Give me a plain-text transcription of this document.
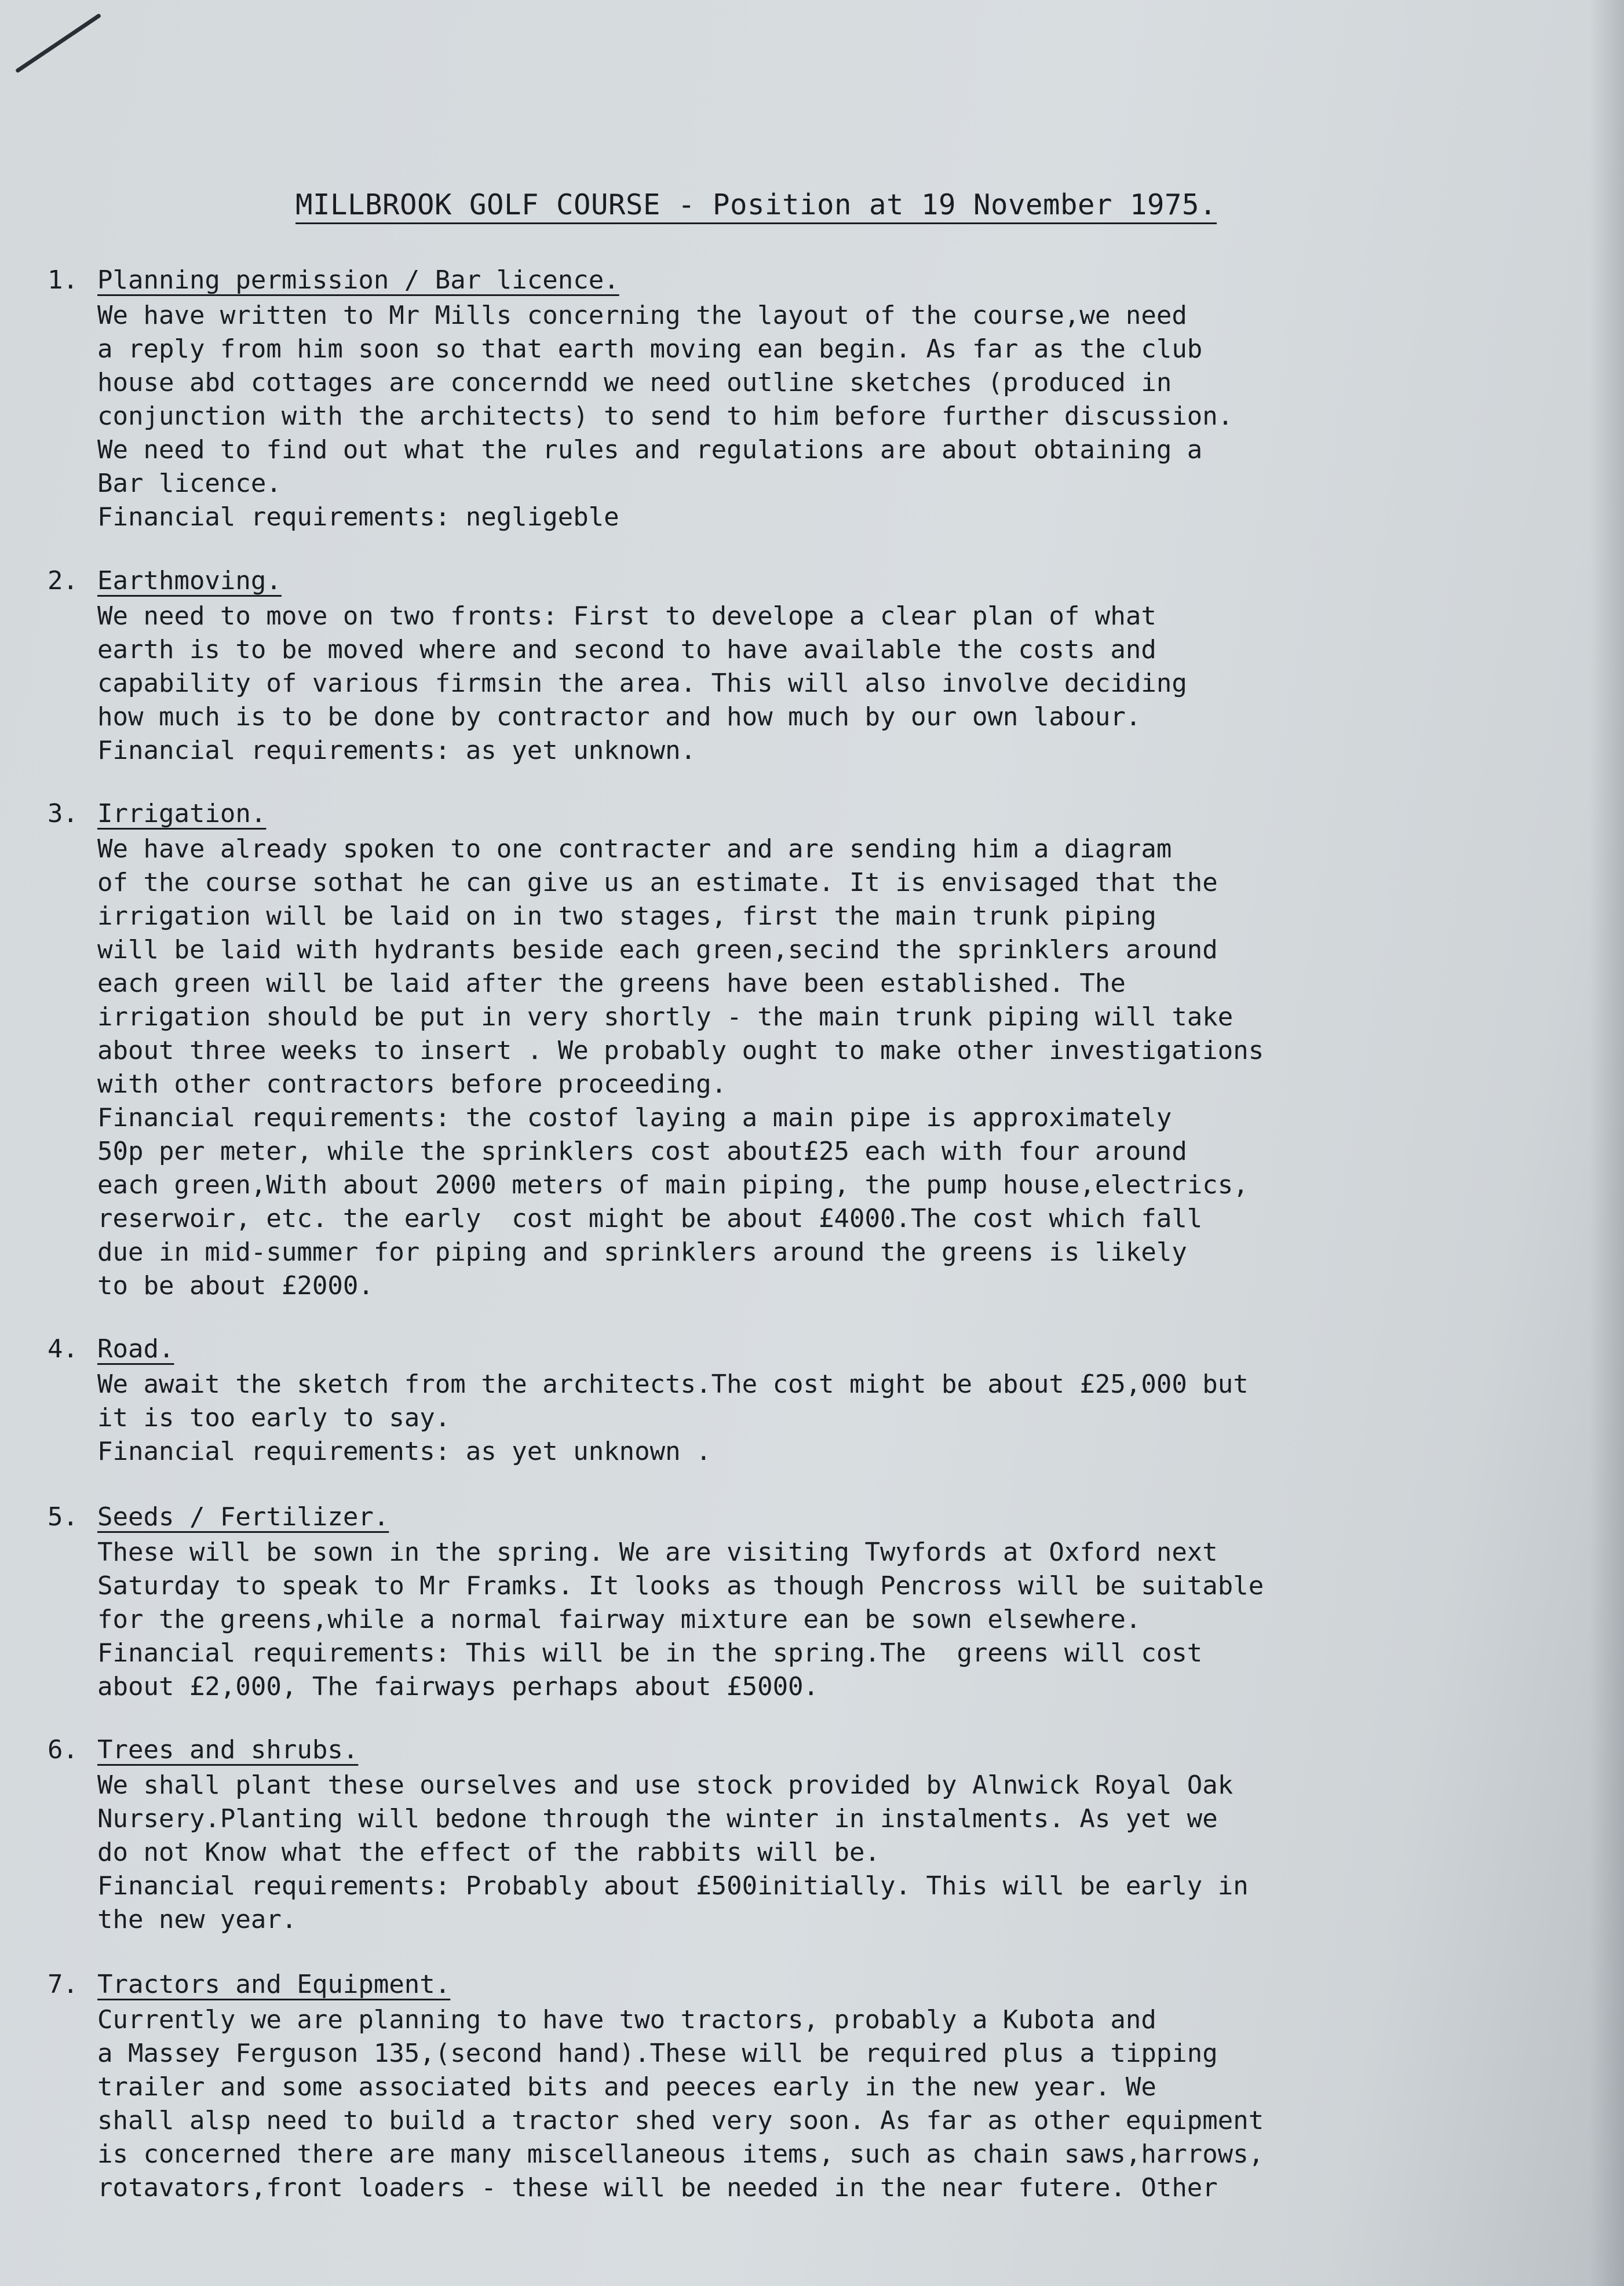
MILLBROOK GOLF COURSE - Position at 19 November 1975.
1. Planning permission / Bar licence.
We have written to Mr Mills concerning the layout of the course,we need
a reply from him soon so that earth moving ean begin. As far as the club
house abd cottages are concerndd we need outline sketches (produced in
conjunction with the architects) to send to him before further discussion.
We need to find out what the rules and regulations are about obtaining a
Bar licence.
Financial requirements: negligeble
2. Earthmoving.
We need to move on two fronts: First to develope a clear plan of what
earth is to be moved where and second to have available the costs and
capability of various firmsin the area. This will also involve deciding
how much is to be done by contractor and how much by our own labour.
Financial requirements: as yet unknown.
3. Irrigation.
We have already spoken to one contracter and are sending him a diagram
of the course sothat he can give us an estimate. It is envisaged that the
irrigation will be laid on in two stages, first the main trunk piping
will be laid with hydrants beside each green,secind the sprinklers around
each green will be laid after the greens have been established. The
irrigation should be put in very shortly - the main trunk piping will take
about three weeks to insert . We probably ought to make other investigations
with other contractors before proceeding.
Financial requirements: the costof laying a main pipe is approximately
50p per meter, while the sprinklers cost about£25 each with four around
each green,With about 2000 meters of main piping, the pump house,electrics,
reserwoir, etc. the early  cost might be about £4000.The cost which fall
due in mid-summer for piping and sprinklers around the greens is likely
to be about £2000.
4. Road.
We await the sketch from the architects.The cost might be about £25,000 but
it is too early to say.
Financial requirements: as yet unknown .
5. Seeds / Fertilizer.
These will be sown in the spring. We are visiting Twyfords at Oxford next
Saturday to speak to Mr Framks. It looks as though Pencross will be suitable
for the greens,while a normal fairway mixture ean be sown elsewhere.
Financial requirements: This will be in the spring.The  greens will cost
about £2,000, The fairways perhaps about £5000.
6. Trees and shrubs.
We shall plant these ourselves and use stock provided by Alnwick Royal Oak
Nursery.Planting will bedone through the winter in instalments. As yet we
do not Know what the effect of the rabbits will be.
Financial requirements: Probably about £500initially. This will be early in
the new year.
7. Tractors and Equipment.
Currently we are planning to have two tractors, probably a Kubota and
a Massey Ferguson 135,(second hand).These will be required plus a tipping
trailer and some associated bits and peeces early in the new year. We
shall alsp need to build a tractor shed very soon. As far as other equipment
is concerned there are many miscellaneous items, such as chain saws,harrows,
rotavators,front loaders - these will be needed in the near futere. Other
